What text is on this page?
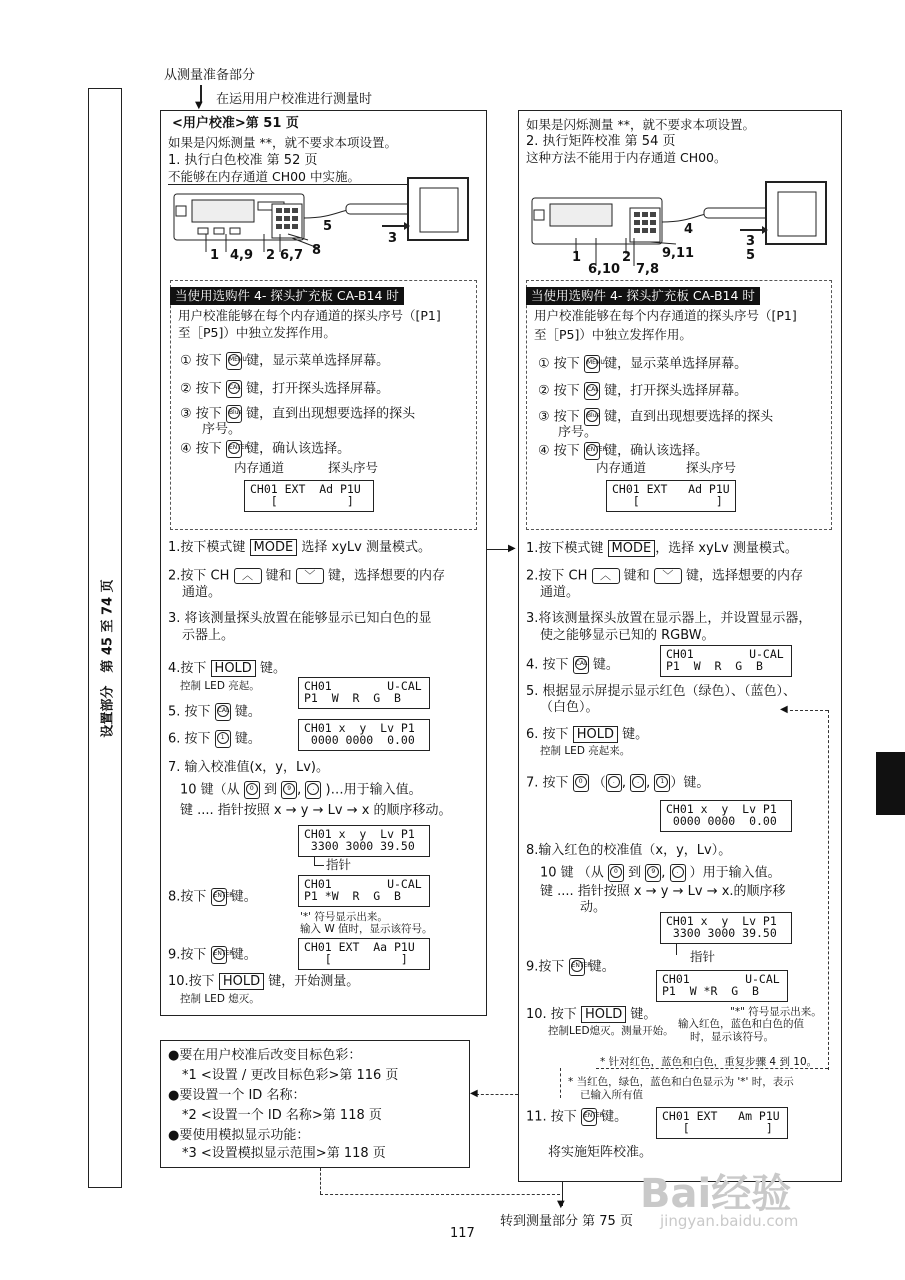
从测量准备部分
▼ 在运用用户校准进行测量时
设置部分　第 45 至 74 页
<用户校准>第 51 页
如果是闪烁测量 **，就不要求本项设置。
1. 执行白色校准 第 52 页
不能够在内存通道 CH00 中实施。
1 4,9 2 6,7
5
8
3
当使用选购件 4- 探头扩充板 CA-B14 时
用户校准能够在每个内存通道的探头序号（[P1]
至［P5]）中独立发挥作用。
① 按下 MENU 键，显示菜单选择屏幕。
② 按下 CAL 键，打开探头选择屏幕。
③ 按下 Blue 键，直到出现想要选择的探头
序号。
④ 按下 ENTER
键，确认该选择。
内存通道	探头序号
CH01 EXT  Ad P1U
[          ]
1.按下模式键 MODE 选择 xyLv 测量模式。
2.按下 CH ︿ 键和 ﹀ 键，选择想要的内存
通道。
3. 将该测量探头放置在能够显示已知白色的显
示器上。
4.按下 HOLD 键。
控制 LED 亮起。	CH01        U-CAL
P1  W  R  G  B
5. 按下 CAL 键。
6. 按下	1 键。
CH01 x  y  Lv P1
0000 0000  0.00
7. 输入校准值(x，y，Lv)。
10 键（从	0 到	9 ,	. )…用于输入值。
键 .... 指针按照 x → y → Lv → x 的顺序移动。
CH01 x  y  Lv P1
3300 3000 39.50
指针
8.按下 ENTER
键。
CH01        U-CAL
P1 *W  R  G  B
'*' 符号显示出来。
输入 W 值时，显示该符号。
9.按下 ENTER
键。
CH01 EXT  Aa P1U
[          ]
10.按下 HOLD 键，开始测量。
控制 LED 熄灭。
▶
如果是闪烁测量 **，就不要求本项设置。
2. 执行矩阵校准 第 54 页
这种方法不能用于内存通道 CH00。
1	2
4
9,11
6,10 7,8
3
5
当使用选购件 4- 探头扩充板 CA-B14 时
用户校准能够在每个内存通道的探头序号（[P1]
至［P5]）中独立发挥作用。
① 按下 MENU 键，显示菜单选择屏幕。
② 按下 CAL 键，打开探头选择屏幕。
③ 按下 Blue 键，直到出现想要选择的探头
序号。
④ 按下 ENTER
键，确认该选择。
内存通道	探头序号
CH01 EXT   Ad P1U
[           ]
1.按下模式键 MODE ，选择 xyLv 测量模式。
2.按下 CH ︿ 键和 ﹀ 键，选择想要的内存
通道。
3.将该测量探头放置在显示器上，并设置显示器，
使之能够显示已知的 RGBW。
4. 按下 CAL 键。
CH01        U-CAL
P1  W  R  G  B
5. 根据显示屏提示显示红色（绿色）、（蓝色）、
（白色）。
6. 按下 HOLD 键。
控制 LED 亮起来。
7. 按下	0 （	. ,	. ,	1 ）键。
CH01 x  y  Lv P1
0000 0000  0.00
8.输入红色的校准值（x，y，Lv）。
10 键 （从	0 到	9 ,	. ）用于输入值。
键 .... 指针按照 x → y → Lv → x.的顺序移
动。
CH01 x  y  Lv P1
3300 3000 39.50
指针
9.按下 ENTER
键。
CH01        U-CAL
P1  W *R  G  B
"*" 符号显示出来。
10. 按下 HOLD 键。
控制LED熄灭。测量开始。
输入红色，蓝色和白色的值
时，显示该符号。
* 针对红色，蓝色和白色，重复步骤 4 到 10。
* 当红色，绿色，蓝色和白色显示为 '*' 时，表示
已输入所有值
11. 按下 ENTER
键。	CH01 EXT   Am P1U
[           ]
将实施矩阵校准。
◀
●要在用户校准后改变目标色彩：
*1 <设置 / 更改目标色彩>第 116 页
●要设置一个 ID 名称：
*2 <设置一个 ID 名称>第 118 页
●要使用模拟显示功能：
*3 <设置模拟显示范围>第 118 页
◀
▼
转到测量部分 第 75 页
117
Bai经验
jingyan.baidu.com
